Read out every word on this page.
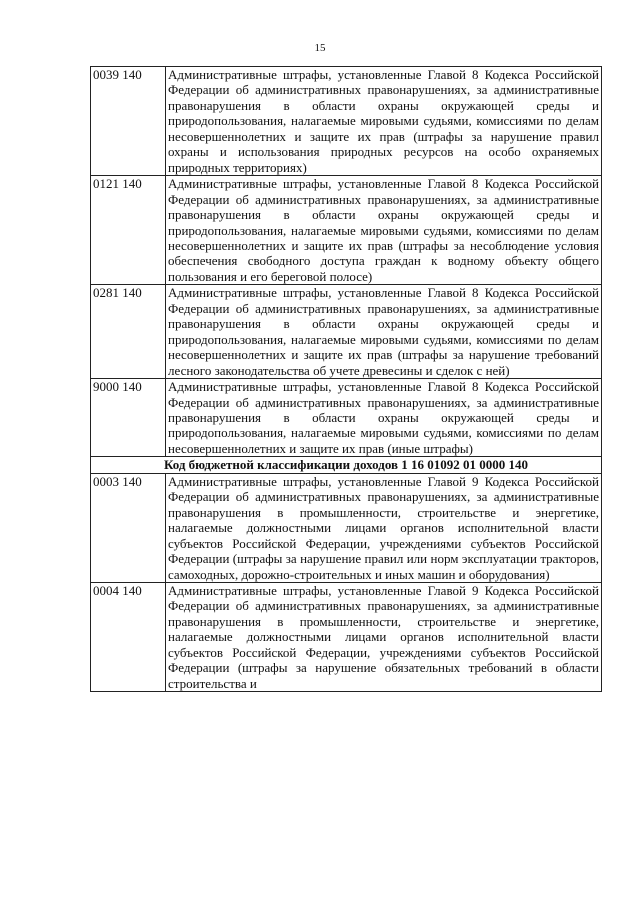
15
0039 140	Административные штрафы, установленные Главой 8 Кодекса Российской Федерации об административных правонарушениях, за административные правонарушения в области охраны окружающей среды и природопользования, налагаемые мировыми судьями, комиссиями по делам несовершеннолетних и защите их прав (штрафы за нарушение правил охраны и использования природных ресурсов на особо охраняемых природных территориях)
0121 140	Административные штрафы, установленные Главой 8 Кодекса Российской Федерации об административных правонарушениях, за административные правонарушения в области охраны окружающей среды и природопользования, налагаемые мировыми судьями, комиссиями по делам несовершеннолетних и защите их прав (штрафы за несоблюдение условия обеспечения свободного доступа граждан к водному объекту общего пользования и его береговой полосе)
0281 140	Административные штрафы, установленные Главой 8 Кодекса Российской Федерации об административных правонарушениях, за административные правонарушения в области охраны окружающей среды и природопользования, налагаемые мировыми судьями, комиссиями по делам несовершеннолетних и защите их прав (штрафы за нарушение требований лесного законодательства об учете древесины и сделок с ней)
9000 140	Административные штрафы, установленные Главой 8 Кодекса Российской Федерации об административных правонарушениях, за административные правонарушения в области охраны окружающей среды и природопользования, налагаемые мировыми судьями, комиссиями по делам несовершеннолетних и защите их прав (иные штрафы)
Код бюджетной классификации доходов 1 16 01092 01 0000 140	
0003 140	Административные штрафы, установленные Главой 9 Кодекса Российской Федерации об административных правонарушениях, за административные правонарушения в промышленности, строительстве и энергетике, налагаемые должностными лицами органов исполнительной власти субъектов Российской Федерации, учреждениями субъектов Российской Федерации (штрафы за нарушение правил или норм эксплуатации тракторов, самоходных, дорожно-строительных и иных машин и оборудования)
0004 140	Административные штрафы, установленные Главой 9 Кодекса Российской Федерации об административных правонарушениях, за административные правонарушения в промышленности, строительстве и энергетике, налагаемые должностными лицами органов исполнительной власти субъектов Российской Федерации, учреждениями субъектов Российской Федерации (штрафы за нарушение обязательных требований в области строительства и
